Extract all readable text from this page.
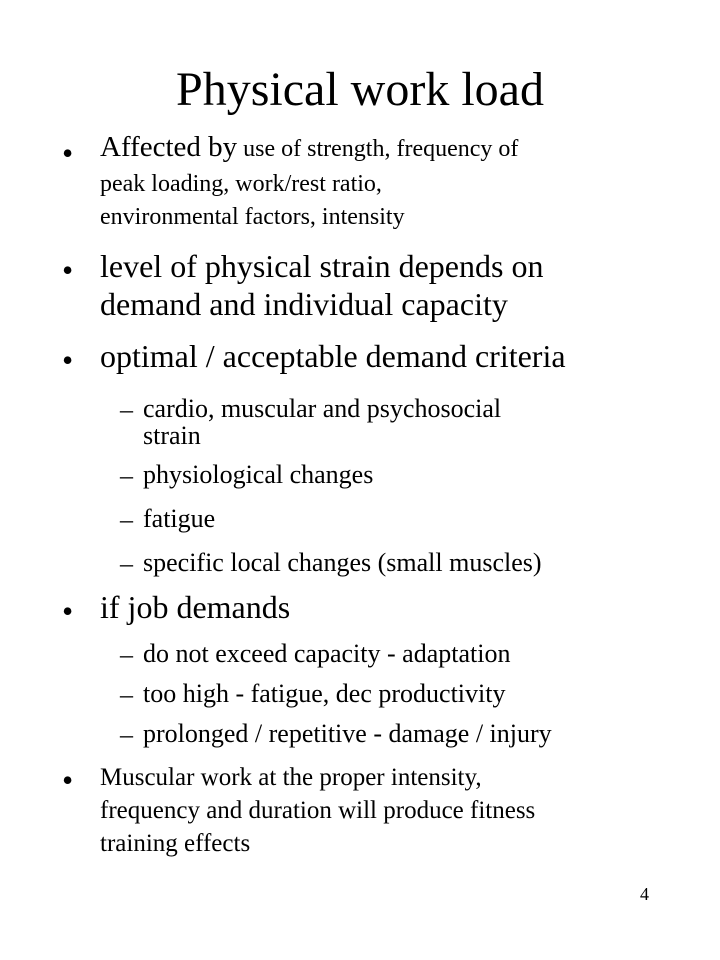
Physical work load
• Affected by use of strength, frequency of
peak loading, work/rest ratio,
environmental factors, intensity
• level of physical strain depends on
demand and individual capacity
• optimal / acceptable demand criteria
– cardio, muscular and psychosocial
strain
– physiological changes
– fatigue
– specific local changes (small muscles)
• if job demands
– do not exceed capacity - adaptation
– too high - fatigue, dec productivity
– prolonged / repetitive - damage / injury
• Muscular work at the proper intensity,
frequency and duration will produce fitness
training effects
4
